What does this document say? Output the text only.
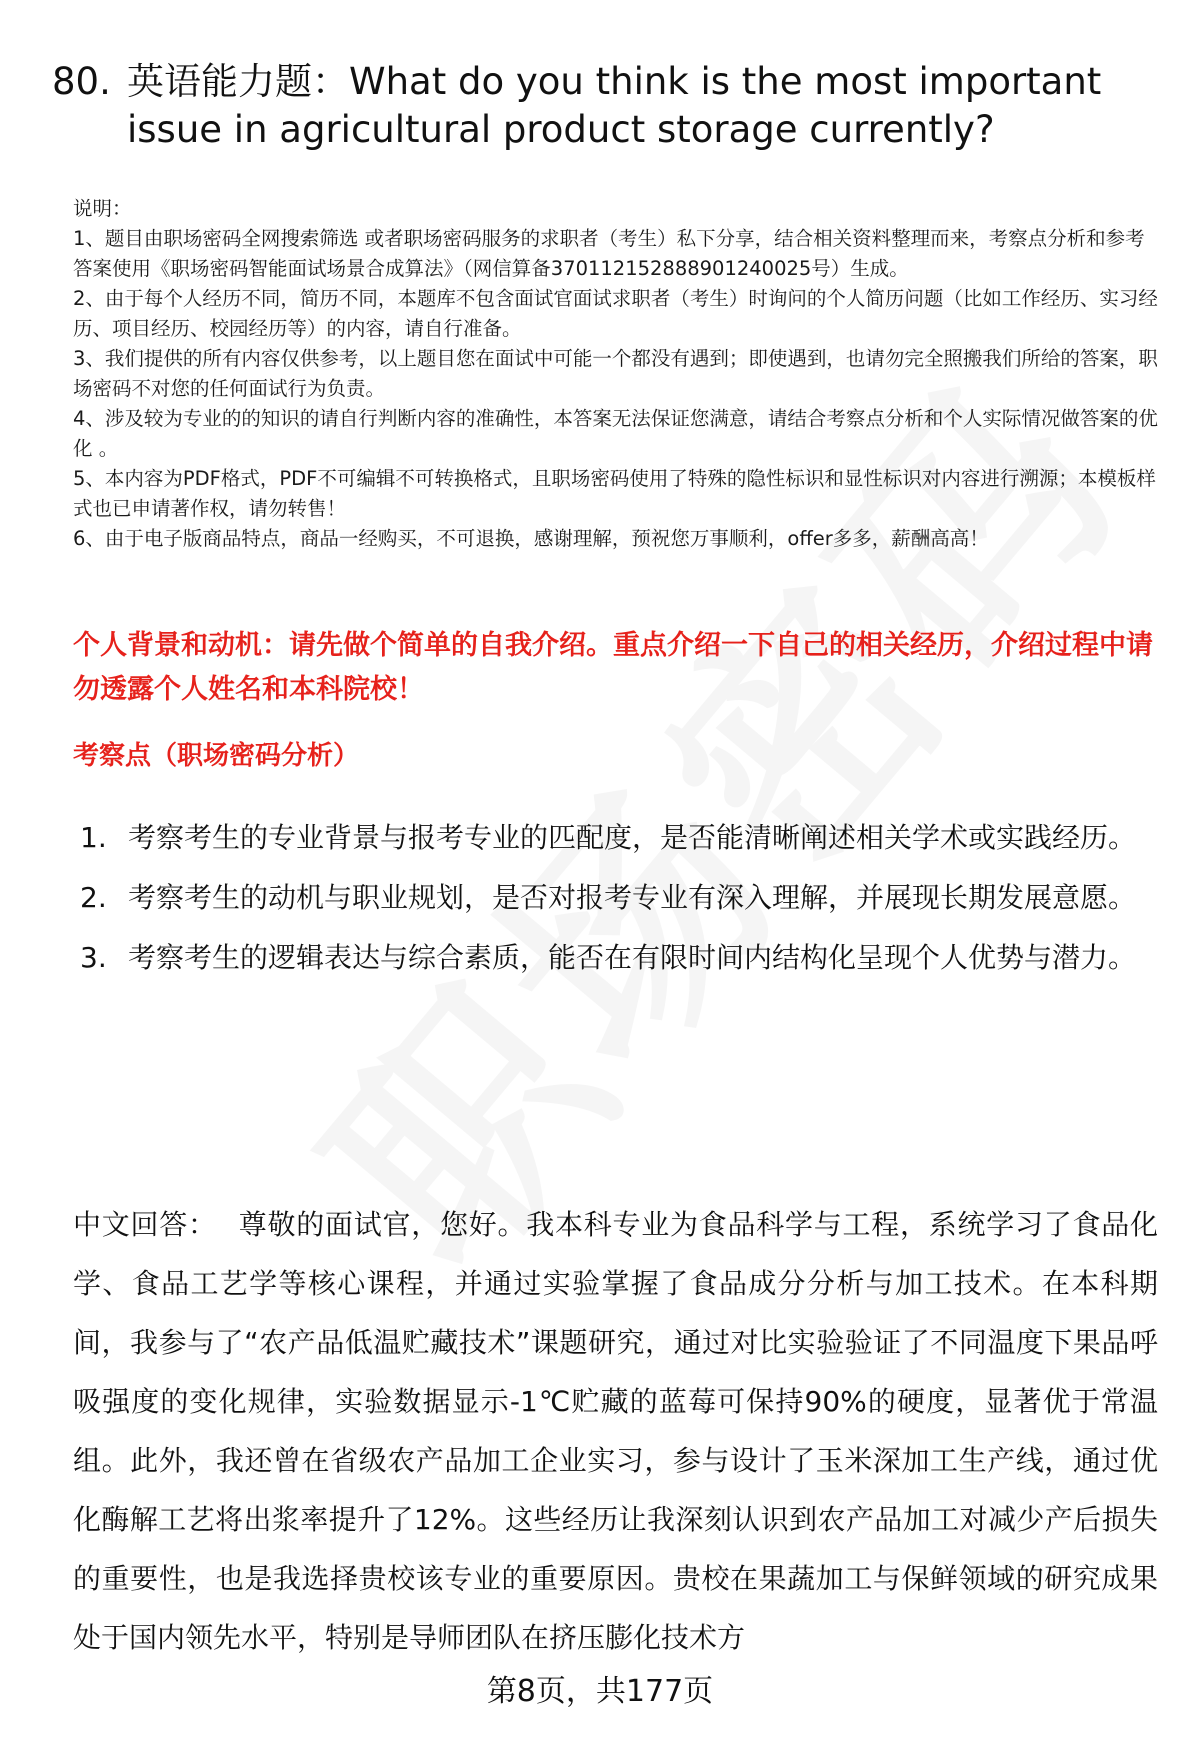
80. 英语能力题：What do you think is the most important issue in agricultural product storage currently?

说明：

1、题目由职场密码全网搜索筛选 或者职场密码服务的求职者（考生）私下分享，结合相关资料整理而来，考察点分析和参考答案使用《职场密码智能面试场景合成算法》（网信算备370112152888901240025号）生成。

2、由于每个人经历不同，简历不同，本题库不包含面试官面试求职者（考生）时询问的个人简历问题（比如工作经历、实习经历、项目经历、校园经历等）的内容，请自行准备。

3、我们提供的所有内容仅供参考，以上题目您在面试中可能一个都没有遇到；即使遇到，也请勿完全照搬我们所给的答案，职场密码不对您的任何面试行为负责。

4、涉及较为专业的的知识的请自行判断内容的准确性，本答案无法保证您满意，请结合考察点分析和个人实际情况做答案的优化 。

5、本内容为PDF格式，PDF不可编辑不可转换格式，且职场密码使用了特殊的隐性标识和显性标识对内容进行溯源；本模板样式也已申请著作权，请勿转售！

6、由于电子版商品特点，商品一经购买，不可退换，感谢理解，预祝您万事顺利，offer多多，薪酬高高！

个人背景和动机：请先做个简单的自我介绍。重点介绍一下自己的相关经历，介绍过程中请勿透露个人姓名和本科院校！
考察点（职场密码分析）
1. 考察考生的专业背景与报考专业的匹配度，是否能清晰阐述相关学术或实践经历。
2. 考察考生的动机与职业规划，是否对报考专业有深入理解，并展现长期发展意愿。
3. 考察考生的逻辑表达与综合素质，能否在有限时间内结构化呈现个人优势与潜力。
中文回答： 尊敬的面试官，您好。我本科专业为食品科学与工程，系统学习了食品化学、食品工艺学等核心课程，并通过实验掌握了食品成分分析与加工技术。在本科期间，我参与了“农产品低温贮藏技术”课题研究，通过对比实验验证了不同温度下果品呼吸强度的变化规律，实验数据显示-1℃贮藏的蓝莓可保持90%的硬度，显著优于常温组。此外，我还曾在省级农产品加工企业实习，参与设计了玉米深加工生产线，通过优化酶解工艺将出浆率提升了12%。这些经历让我深刻认识到农产品加工对减少产后损失的重要性，也是我选择贵校该专业的重要原因。贵校在果蔬加工与保鲜领域的研究成果处于国内领先水平，特别是导师团队在挤压膨化技术方
第8页，共177页
